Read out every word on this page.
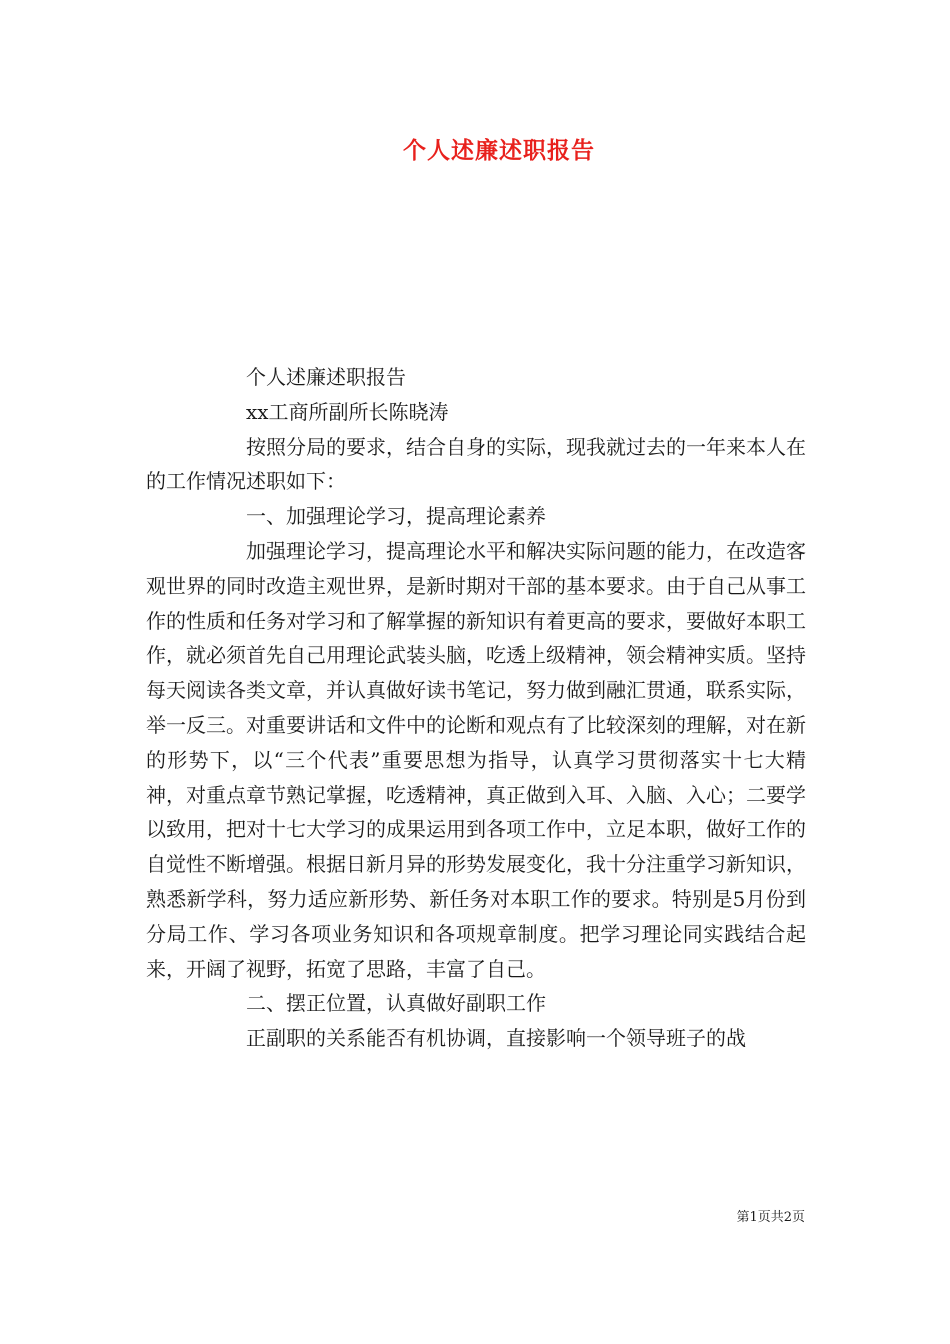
个人述廉述职报告

个人述廉述职报告

xx工商所副所长陈晓涛

按照分局的要求，结合自身的实际，现我就过去的一年来本人在的工作情况述职如下：

一、加强理论学习，提高理论素养

加强理论学习，提高理论水平和解决实际问题的能力，在改造客观世界的同时改造主观世界，是新时期对干部的基本要求。由于自己从事工作的性质和任务对学习和了解掌握的新知识有着更高的要求，要做好本职工作，就必须首先自己用理论武装头脑，吃透上级精神，领会精神实质。坚持每天阅读各类文章，并认真做好读书笔记，努力做到融汇贯通，联系实际，举一反三。对重要讲话和文件中的论断和观点有了比较深刻的理解，对在新的形势下，以“三个代表”重要思想为指导，认真学习贯彻落实十七大精神，对重点章节熟记掌握，吃透精神，真正做到入耳、入脑、入心；二要学以致用，把对十七大学习的成果运用到各项工作中，立足本职，做好工作的自觉性不断增强。根据日新月异的形势发展变化，我十分注重学习新知识，熟悉新学科，努力适应新形势、新任务对本职工作的要求。特别是5月份到分局工作、学习各项业务知识和各项规章制度。把学习理论同实践结合起来，开阔了视野，拓宽了思路，丰富了自己。

二、摆正位置，认真做好副职工作

正副职的关系能否有机协调，直接影响一个领导班子的战

第1页共2页
